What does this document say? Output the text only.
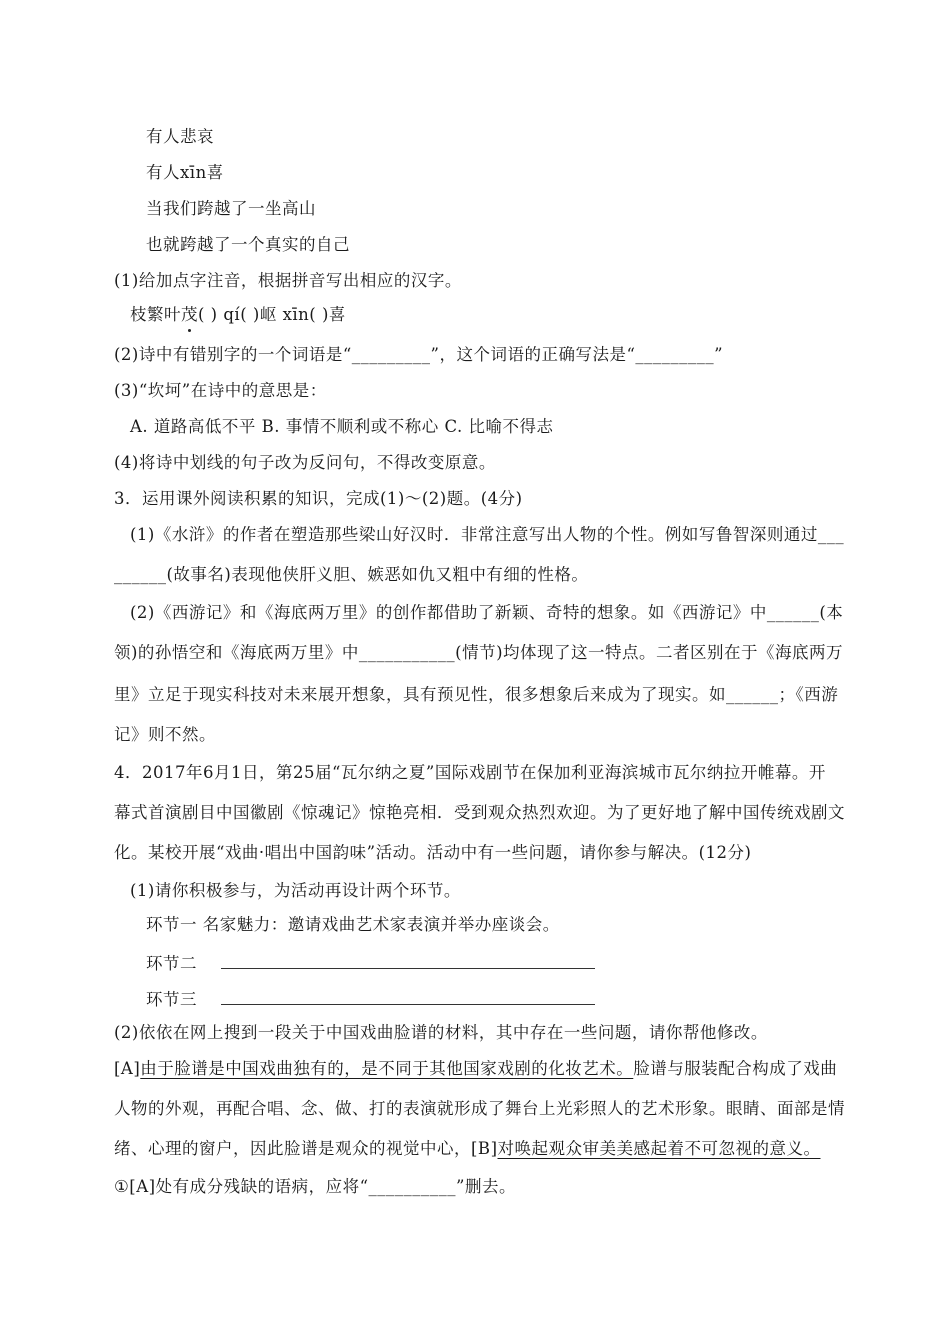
有人悲哀
有人xīn喜
当我们跨越了一坐高山
也就跨越了一个真实的自己
(1)给加点字注音，根据拼音写出相应的汉字。
枝繁叶茂( ) qí( )岖 xīn( )喜
(2)诗中有错别字的一个词语是“_________”，这个词语的正确写法是“_________”
(3)“坎坷”在诗中的意思是：
A. 道路高低不平 B. 事情不顺利或不称心 C. 比喻不得志
(4)将诗中划线的句子改为反问句，不得改变原意。
3．运用课外阅读积累的知识，完成(1)～(2)题。(4分)
(1)《水浒》的作者在塑造那些梁山好汉时．非常注意写出人物的个性。例如写鲁智深则通过___
______(故事名)表现他侠肝义胆、嫉恶如仇又粗中有细的性格。
(2)《西游记》和《海底两万里》的创作都借助了新颖、奇特的想象。如《西游记》中______(本
领)的孙悟空和《海底两万里》中___________(情节)均体现了这一特点。二者区别在于《海底两万
里》立足于现实科技对未来展开想象，具有预见性，很多想象后来成为了现实。如______；《西游
记》则不然。
4．2017年6月1日，第25届“瓦尔纳之夏”国际戏剧节在保加利亚海滨城市瓦尔纳拉开帷幕。开
幕式首演剧目中国徽剧《惊魂记》惊艳亮相．受到观众热烈欢迎。为了更好地了解中国传统戏剧文
化。某校开展“戏曲·唱出中国韵味”活动。活动中有一些问题，请你参与解决。(12分)
(1)请你积极参与，为活动再设计两个环节。
环节一 名家魅力：邀请戏曲艺术家表演并举办座谈会。
环节二
环节三
(2)依依在网上搜到一段关于中国戏曲脸谱的材料，其中存在一些问题，请你帮他修改。
[A]由于脸谱是中国戏曲独有的，是不同于其他国家戏剧的化妆艺术。脸谱与服装配合构成了戏曲
人物的外观，再配合唱、念、做、打的表演就形成了舞台上光彩照人的艺术形象。眼睛、面部是情
绪、心理的窗户，因此脸谱是观众的视觉中心，[B]对唤起观众审美美感起着不可忽视的意义。
①[A]处有成分残缺的语病，应将“__________”删去。
